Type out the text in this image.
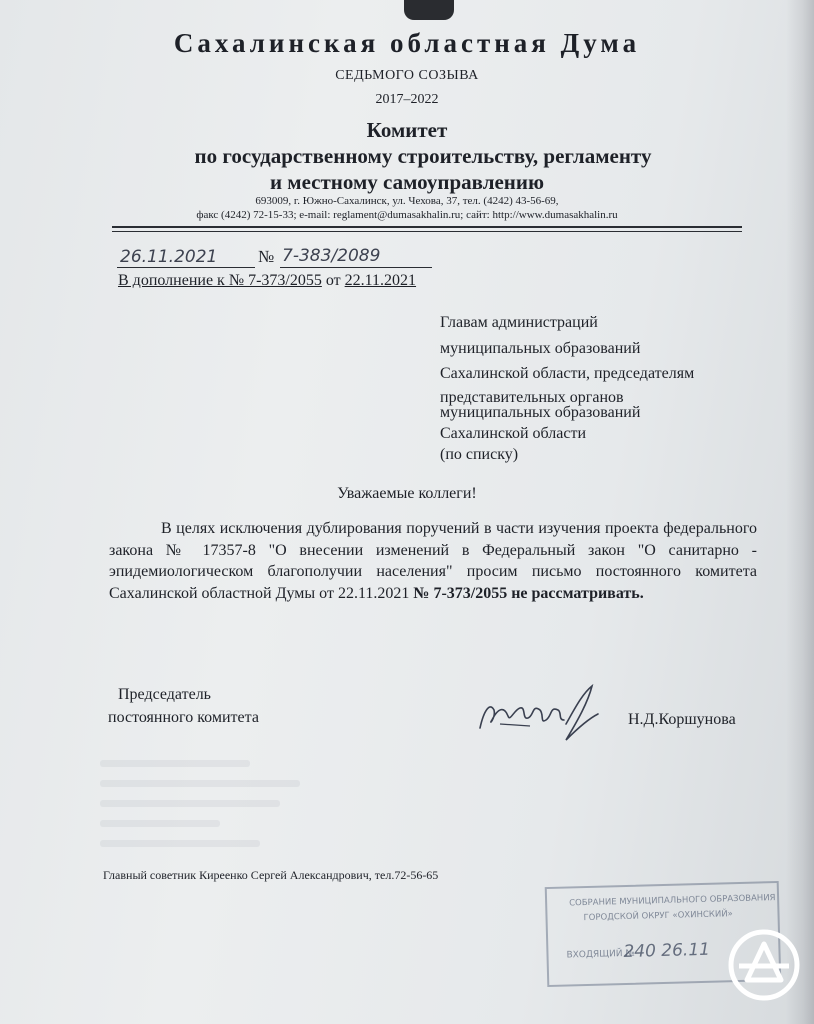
Сахалинская областная Дума
СЕДЬМОГО СОЗЫВА
2017–2022
Комитет
по государственному строительству, регламенту
и местному самоуправлению
693009, г. Южно-Сахалинск, ул. Чехова, 37, тел. (4242) 43-56-69,
факс (4242) 72-15-33; e-mail: reglament@dumasakhalin.ru; сайт: http://www.dumasakhalin.ru
26.11.2021 № 7-383/2089
В дополнение к № 7-373/2055 от 22.11.2021
Главам администраций
муниципальных образований
Сахалинской области, председателям
представительных органов
муниципальных образований
Сахалинской области
(по списку)
Уважаемые коллеги!

В целях исключения дублирования поручений в части изучения проекта федерального закона № 17357-8 "О внесении изменений в Федеральный закон "О санитарно - эпидемиологическом благополучии населения" просим письмо постоянного комитета Сахалинской областной Думы от 22.11.2021 № 7-373/2055 не рассматривать.

Председатель
постоянного комитета	Н.Д.Коршунова
Главный советник Киреенко Сергей Александрович, тел.72-56-65
СОБРАНИЕ МУНИЦИПАЛЬНОГО ОБРАЗОВАНИЯ
ГОРОДСКОЙ ОКРУГ «ОХИНСКИЙ»
ВХОДЯЩИЙ №
240 26.11
